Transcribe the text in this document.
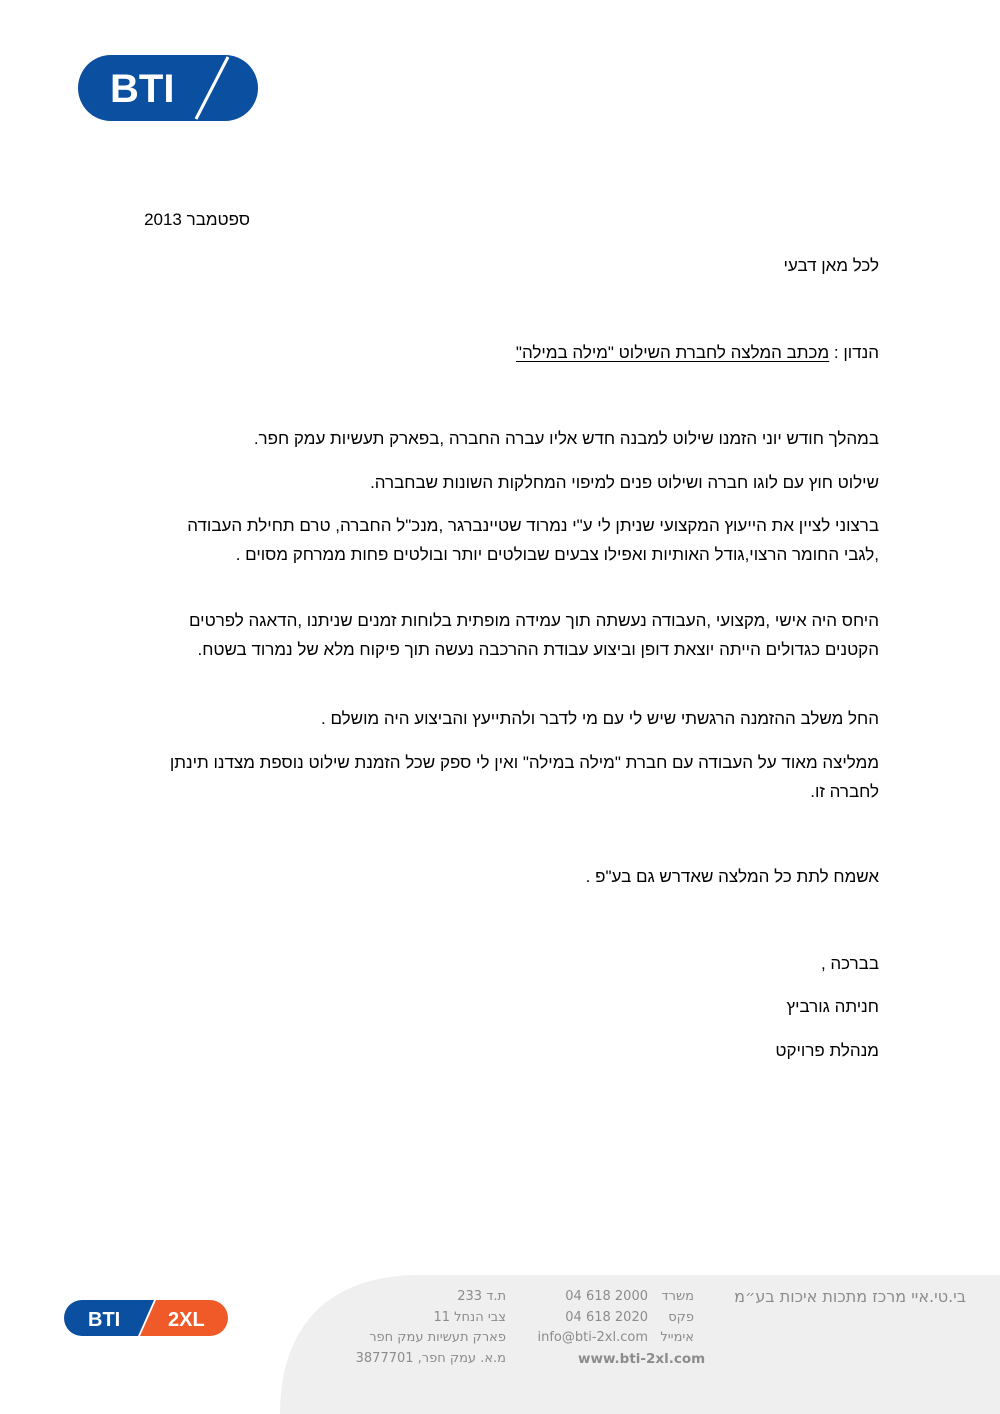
BTI
ספטמבר 2013
לכל מאן דבעי
הנדון : מכתב המלצה לחברת השילוט "מילה במילה"
במהלך חודש יוני הזמנו שילוט למבנה חדש אליו עברה החברה ,בפארק תעשיות עמק חפר.
שילוט חוץ עם לוגו חברה ושילוט פנים למיפוי המחלקות השונות שבחברה.
ברצוני לציין את הייעוץ המקצועי שניתן לי ע"י נמרוד שטיינברגר ,מנכ"ל החברה, טרם תחילת העבודה ,לגבי החומר הרצוי,גודל האותיות ואפילו צבעים שבולטים יותר ובולטים פחות ממרחק מסוים .
היחס היה אישי ,מקצועי ,העבודה נעשתה תוך עמידה מופתית בלוחות זמנים שניתנו ,הדאגה לפרטים הקטנים כגדולים הייתה יוצאת דופן וביצוע עבודת ההרכבה נעשה תוך פיקוח מלא של נמרוד בשטח.
החל משלב ההזמנה הרגשתי שיש לי עם מי לדבר ולהתייעץ והביצוע היה מושלם .
ממליצה מאוד על העבודה עם חברת "מילה במילה" ואין לי ספק שכל הזמנת שילוט נוספת מצדנו תינתן לחברה זו.
אשמח לתת כל המלצה שאדרש גם בע"פ .
בברכה ,
חניתה גורביץ
מנהלת פרויקט
BTI 2XL
בי.טי.איי מרכז מתכות איכות בע״מ
משרד
פקס
אימייל
04 618 2000
04 618 2020
info@bti-2xl.com
www.bti-2xl.com
ת.ד 233
צבי הנחל 11
פארק תעשיות עמק חפר
מ.א. עמק חפר, 3877701
